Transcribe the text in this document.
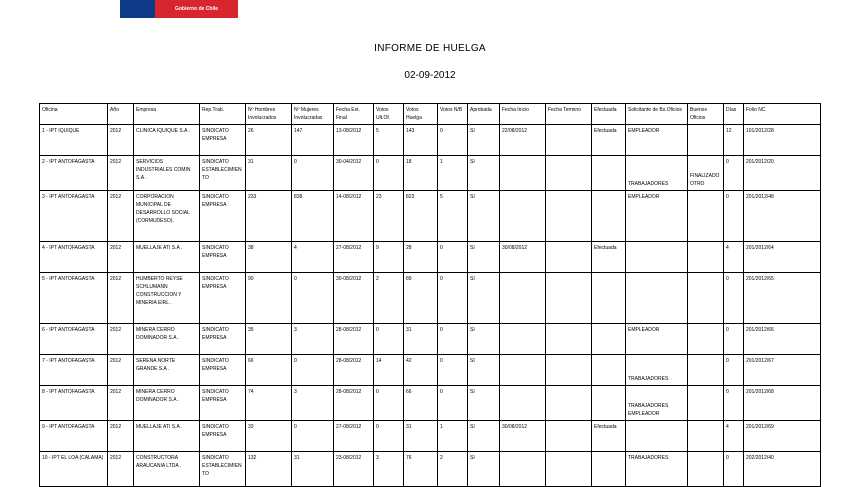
Gobierno de Chile
INFORME DE HUELGA
02-09-2012
Oficina	Año	Empresa	Rep.Trab.	Nº Hombres Involucrados	Nº Mujeres Involucradas	Fecha Ext. Final	Votos Ult.Of.	Votos Huelga	Votos N/B	Aprobada	Fecha Inicio	Fecha Termino	Efectuada	Solicitante de Bs.Oficios	Buenos Oficios	Días	Folio NC
1 - IPT IQUIQUE	2012	CLINICA IQUIQUE S.A .	SINDICATO EMPRESA	26	147	13-08/2012	5	143	0	SI	22/08/2012		Efectuada	EMPLEADOR		12	101/2012/28
2 - IPT ANTOFAGASTA	2012	SERVICIOS INDUSTRIALES COMIN S.A .	SINDICATO ESTABLECIMIENTO	31	0	30-04/2012	0	18	1	SI				TRABAJADORES	FINALIZADO OTRO	0	201/2012/20
3 - IPT ANTOFAGASTA	2012	CORPORACION MUNICIPAL DE DESARROLLO SOCIAL (CORMUDESO).	SINDICATO EMPRESA	233	838	14-08/2012	23	823	5	SI				EMPLEADOR		0	201/2012/48
4 - IPT ANTOFAGASTA	2012	MUELLAJE ATI S.A .	SINDICATO EMPRESA	38	4	27-08/2012	9	28	0	SI	30/08/2012		Efectuada			4	201/2012/64
5 - IPT ANTOFAGASTA	2012	HUMBERTO REYSE SCHLUMANN CONSTRUCCION Y MINERIA EIRL .	SINDICATO EMPRESA	90	0	30-08/2012	2	89	0	SI						0	201/2012/65
6 - IPT ANTOFAGASTA	2012	MINERA CERRO DOMINADOR S.A .	SINDICATO EMPRESA	35	3	28-08/2012	0	31	0	SI				EMPLEADOR		0	201/2012/66
7 - IPT ANTOFAGASTA	2012	SERENA NORTE GRANDE S.A .	SINDICATO EMPRESA	66	0	28-08/2012	14	42	0	SI				TRABAJADORES		0	201/2012/67
8 - IPT ANTOFAGASTA	2012	MINERA CERRO DOMINADOR S.A .	SINDICATO EMPRESA	74	3	28-08/2012	0	66	0	SI				TRABAJADORES EMPLEADOR		0	201/2012/68
9 - IPT ANTOFAGASTA	2012	MUELLAJE ATI S.A .	SINDICATO EMPRESA	33	0	27-08/2012	0	31	1	SI	30/08/2012		Efectuada			4	201/2012/69
10 - IPT EL LOA (CALAMA)	2012	CONSTRUCTORA ARAUCANIA LTDA .	SINDICATO ESTABLECIMIENTO	132	31	23-08/2012	3	76	2	SI				TRABAJADORES		0	202/2012/40
